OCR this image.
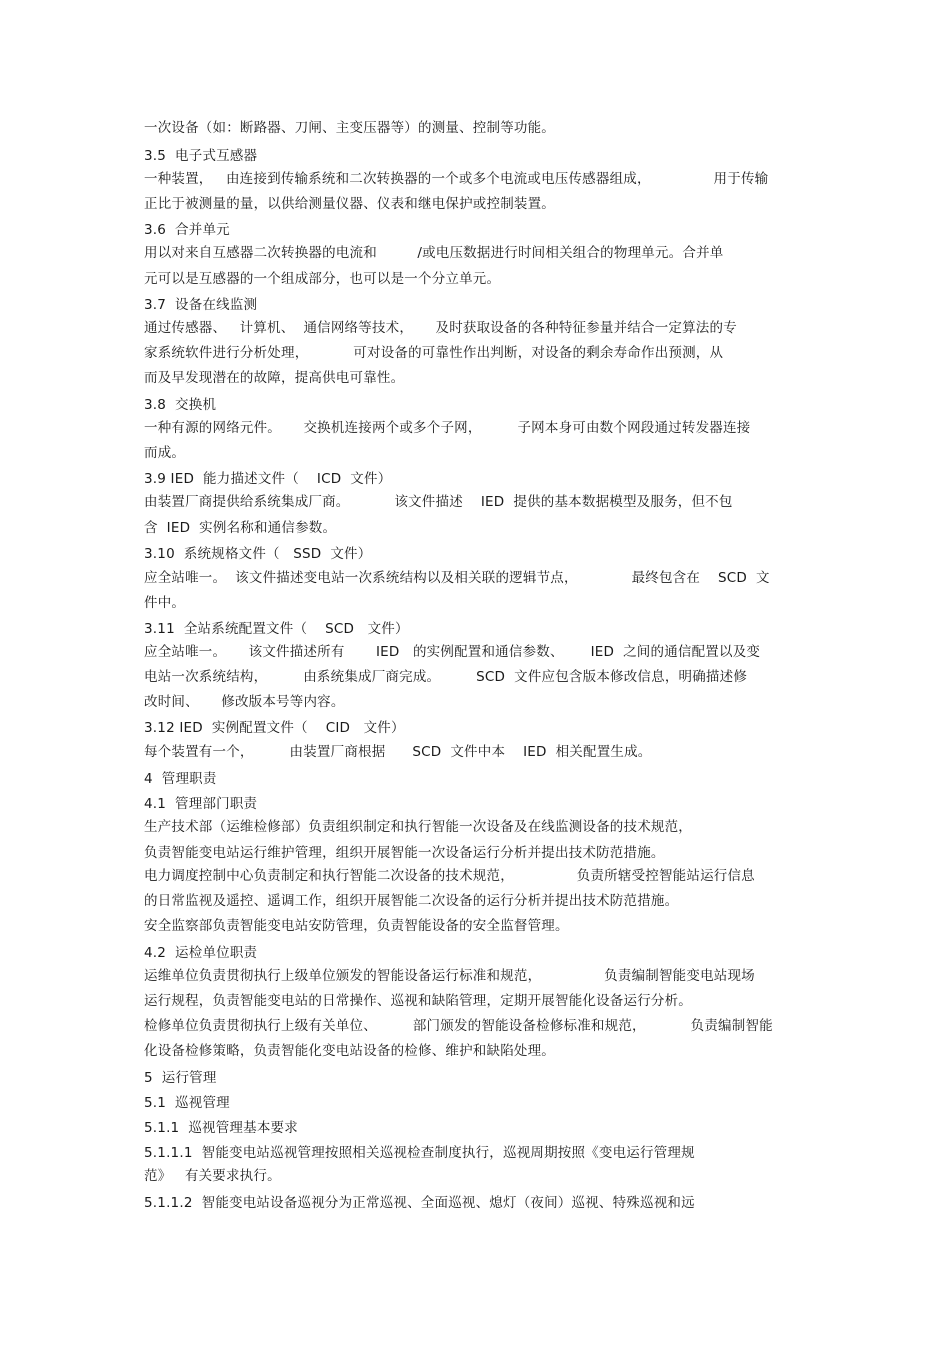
一次设备（如：断路器、刀闸、主变压器等）的测量、控制等功能。
3.5  电子式互感器
一种装置，   由连接到传输系统和二次转换器的一个或多个电流或电压传感器组成，              用于传输
正比于被测量的量，以供给测量仪器、仪表和继电保护或控制装置。
3.6  合并单元
用以对来自互感器二次转换器的电流和         /或电压数据进行时间相关组合的物理单元。合并单
元可以是互感器的一个组成部分，也可以是一个分立单元。
3.7  设备在线监测
通过传感器、   计算机、  通信网络等技术，     及时获取设备的各种特征参量并结合一定算法的专
家系统软件进行分析处理，          可对设备的可靠性作出判断，对设备的剩余寿命作出预测，从
而及早发现潜在的故障，提高供电可靠性。
3.8  交换机
一种有源的网络元件。     交换机连接两个或多个子网，        子网本身可由数个网段通过转发器连接
而成。
3.9 IED  能力描述文件（    ICD  文件）
由装置厂商提供给系统集成厂商。          该文件描述    IED  提供的基本数据模型及服务，但不包
含  IED  实例名称和通信参数。
3.10  系统规格文件（   SSD  文件）
应全站唯一。  该文件描述变电站一次系统结构以及相关联的逻辑节点，            最终包含在    SCD  文
件中。
3.11  全站系统配置文件（    SCD   文件）
应全站唯一。     该文件描述所有       IED   的实例配置和通信参数、      IED  之间的通信配置以及变
电站一次系统结构，        由系统集成厂商完成。        SCD  文件应包含版本修改信息，明确描述修
改时间、     修改版本号等内容。
3.12 IED  实例配置文件（    CID   文件）
每个装置有一个，        由装置厂商根据      SCD  文件中本    IED  相关配置生成。
4  管理职责
4.1  管理部门职责
生产技术部（运维检修部）负责组织制定和执行智能一次设备及在线监测设备的技术规范，
负责智能变电站运行维护管理，组织开展智能一次设备运行分析并提出技术防范措施。
电力调度控制中心负责制定和执行智能二次设备的技术规范，              负责所辖受控智能站运行信息
的日常监视及遥控、遥调工作，组织开展智能二次设备的运行分析并提出技术防范措施。
安全监察部负责智能变电站安防管理，负责智能设备的安全监督管理。
4.2  运检单位职责
运维单位负责贯彻执行上级单位颁发的智能设备运行标准和规范，              负责编制智能变电站现场
运行规程，负责智能变电站的日常操作、巡视和缺陷管理，定期开展智能化设备运行分析。
检修单位负责贯彻执行上级有关单位、        部门颁发的智能设备检修标准和规范，          负责编制智能
化设备检修策略，负责智能化变电站设备的检修、维护和缺陷处理。
5  运行管理
5.1  巡视管理
5.1.1  巡视管理基本要求
5.1.1.1  智能变电站巡视管理按照相关巡视检查制度执行，巡视周期按照《变电运行管理规
范》   有关要求执行。
5.1.1.2  智能变电站设备巡视分为正常巡视、全面巡视、熄灯（夜间）巡视、特殊巡视和远
